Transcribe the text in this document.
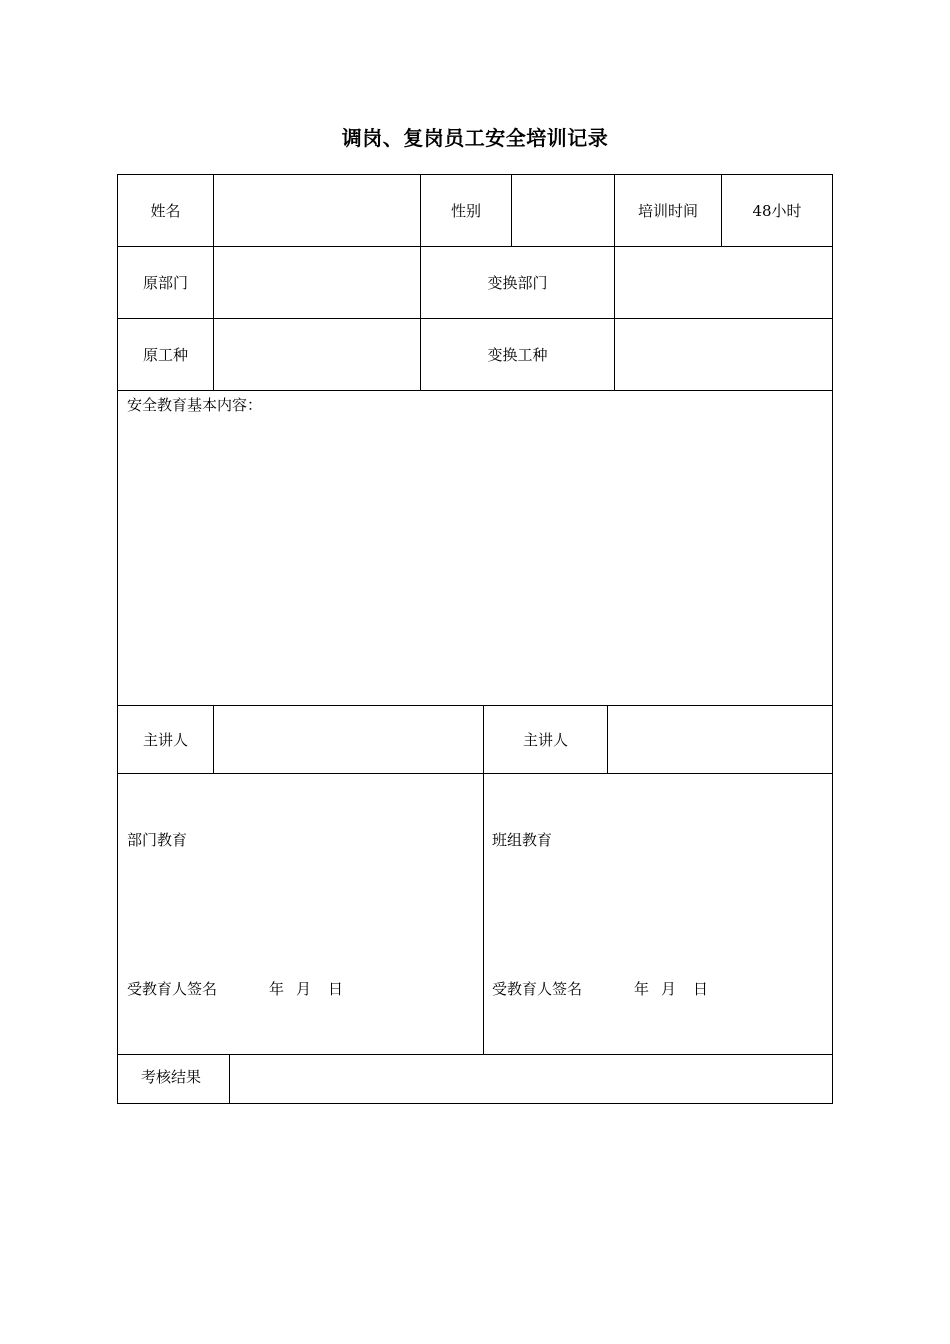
调岗、复岗员工安全培训记录
姓名	性别	培训时间	48小时
原部门	变换部门
原工种	变换工种
安全教育基本内容：
主讲人	主讲人
部门教育	班组教育
受教育人签名	年 月 日	受教育人签名	年 月 日
考核结果
